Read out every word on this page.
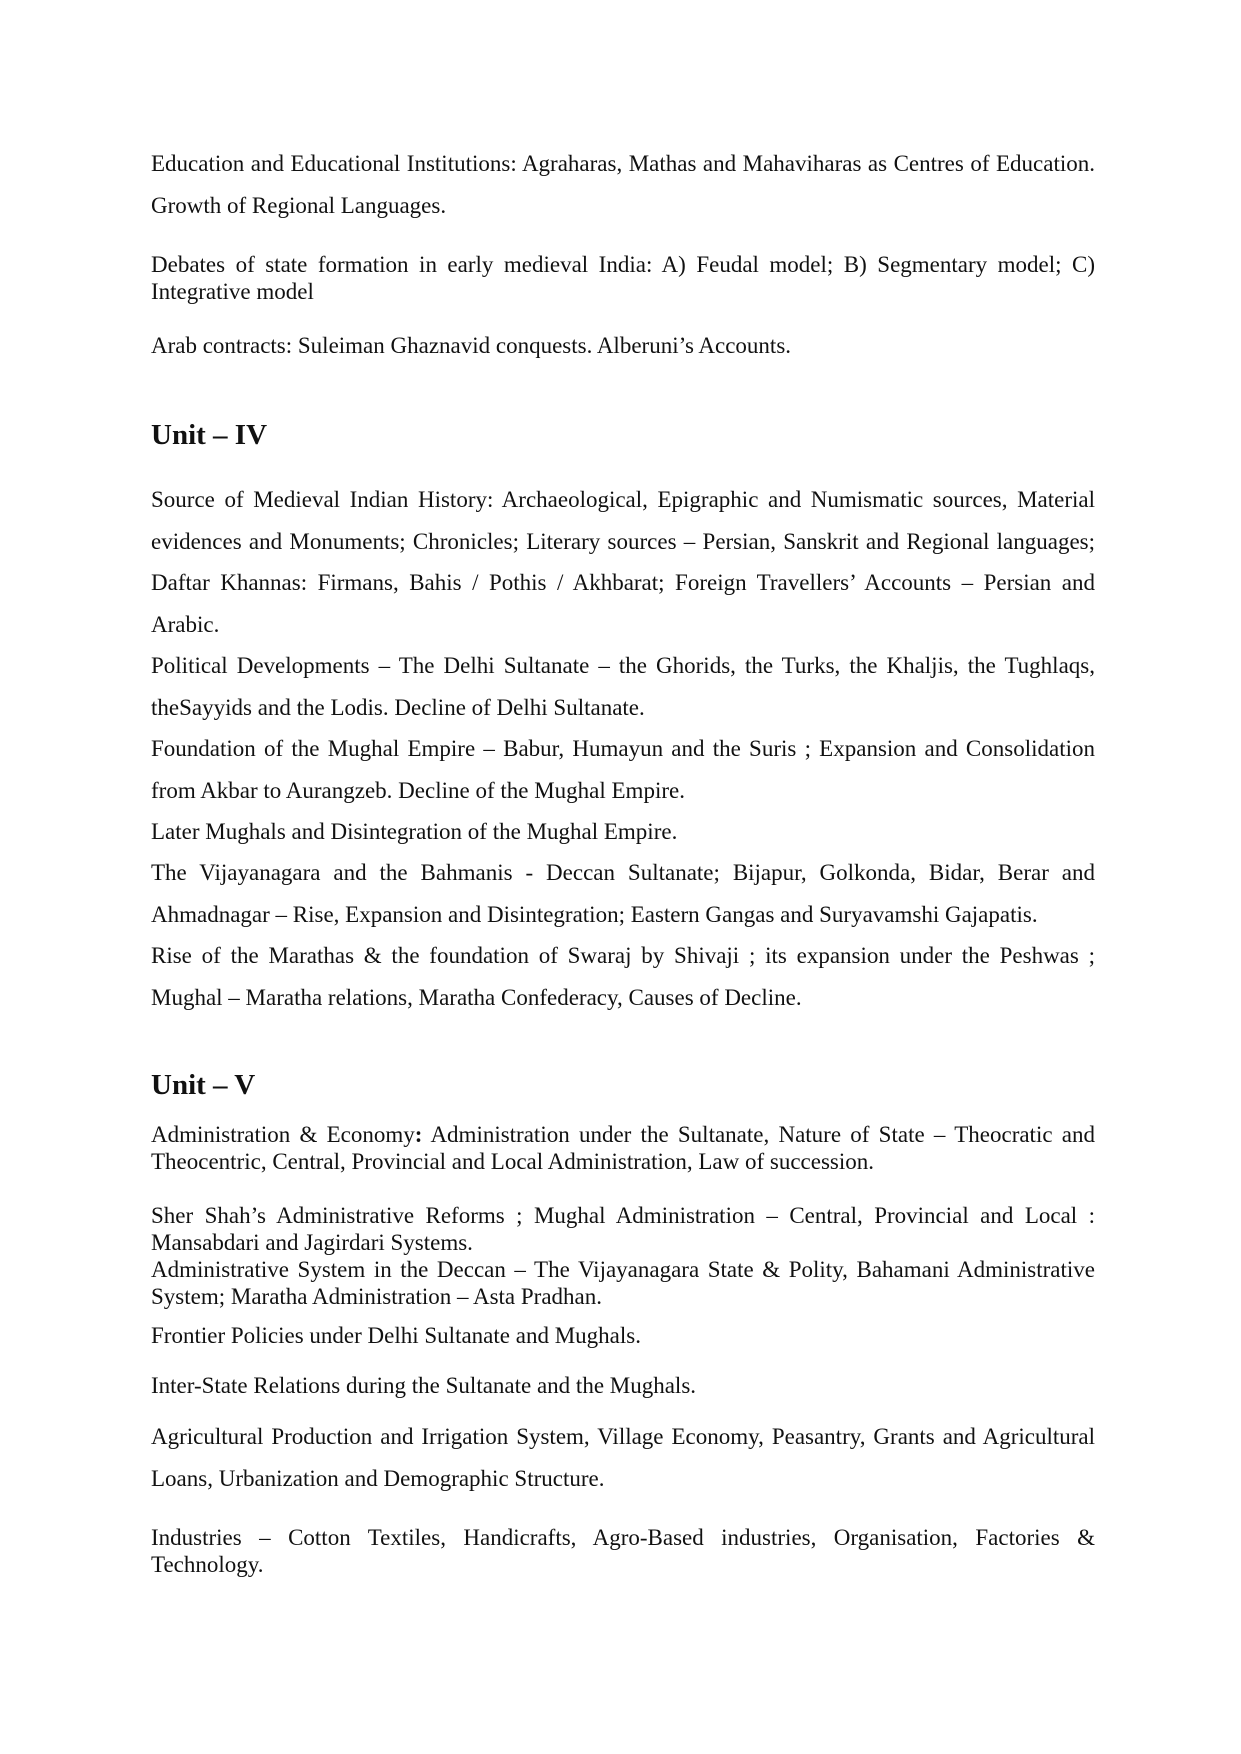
Education and Educational Institutions: Agraharas, Mathas and Mahaviharas as Centres of Education. Growth of Regional Languages.

Debates of state formation in early medieval India: A) Feudal model; B) Segmentary model; C) Integrative model

Arab contracts: Suleiman Ghaznavid conquests. Alberuni’s Accounts.

Unit – IV

Source of Medieval Indian History: Archaeological, Epigraphic and Numismatic sources, Material evidences and Monuments; Chronicles; Literary sources – Persian, Sanskrit and Regional languages; Daftar Khannas: Firmans, Bahis / Pothis / Akhbarat; Foreign Travellers’ Accounts – Persian and Arabic.

Political Developments – The Delhi Sultanate – the Ghorids, the Turks, the Khaljis, the Tughlaqs, theSayyids and the Lodis. Decline of Delhi Sultanate.

Foundation of the Mughal Empire – Babur, Humayun and the Suris ; Expansion and Consolidation from Akbar to Aurangzeb. Decline of the Mughal Empire.

Later Mughals and Disintegration of the Mughal Empire.

The Vijayanagara and the Bahmanis - Deccan Sultanate; Bijapur, Golkonda, Bidar, Berar and Ahmadnagar – Rise, Expansion and Disintegration; Eastern Gangas and Suryavamshi Gajapatis.

Rise of the Marathas & the foundation of Swaraj by Shivaji ; its expansion under the Peshwas ; Mughal – Maratha relations, Maratha Confederacy, Causes of Decline.

Unit – V

Administration & Economy: Administration under the Sultanate, Nature of State – Theocratic and Theocentric, Central, Provincial and Local Administration, Law of succession.

Sher Shah’s Administrative Reforms ; Mughal Administration – Central, Provincial and Local : Mansabdari and Jagirdari Systems.

Administrative System in the Deccan – The Vijayanagara State & Polity, Bahamani Administrative System; Maratha Administration – Asta Pradhan.

Frontier Policies under Delhi Sultanate and Mughals.

Inter-State Relations during the Sultanate and the Mughals.

Agricultural Production and Irrigation System, Village Economy, Peasantry, Grants and Agricultural Loans, Urbanization and Demographic Structure.

Industries – Cotton Textiles, Handicrafts, Agro-Based industries, Organisation, Factories & Technology.
